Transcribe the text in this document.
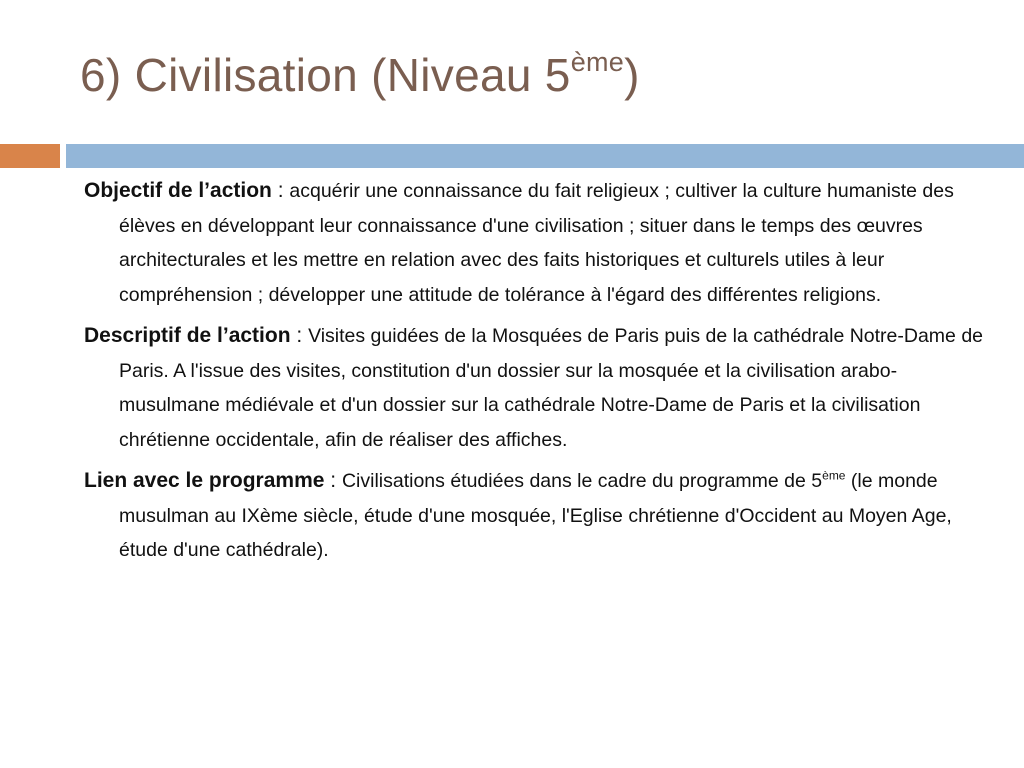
6) Civilisation (Niveau 5ème)

Objectif de l’action : acquérir une connaissance du fait religieux ; cultiver la culture humaniste des élèves en développant leur connaissance d'une civilisation ; situer dans le temps des œuvres architecturales et les mettre en relation avec des faits historiques et culturels utiles à leur compréhension ; développer une attitude de tolérance à l'égard des différentes religions.

Descriptif de l’action : Visites guidées de la Mosquées de Paris puis de la cathédrale Notre-Dame de Paris. A l'issue des visites, constitution d'un dossier sur la mosquée et la civilisation arabo-musulmane médiévale et d'un dossier sur la cathédrale Notre-Dame de Paris et la civilisation chrétienne occidentale, afin de réaliser des affiches.

Lien avec le programme : Civilisations étudiées dans le cadre du programme de 5ème (le monde musulman au IXème siècle, étude d'une mosquée, l'Eglise chrétienne d'Occident au Moyen Age, étude d'une cathédrale).
